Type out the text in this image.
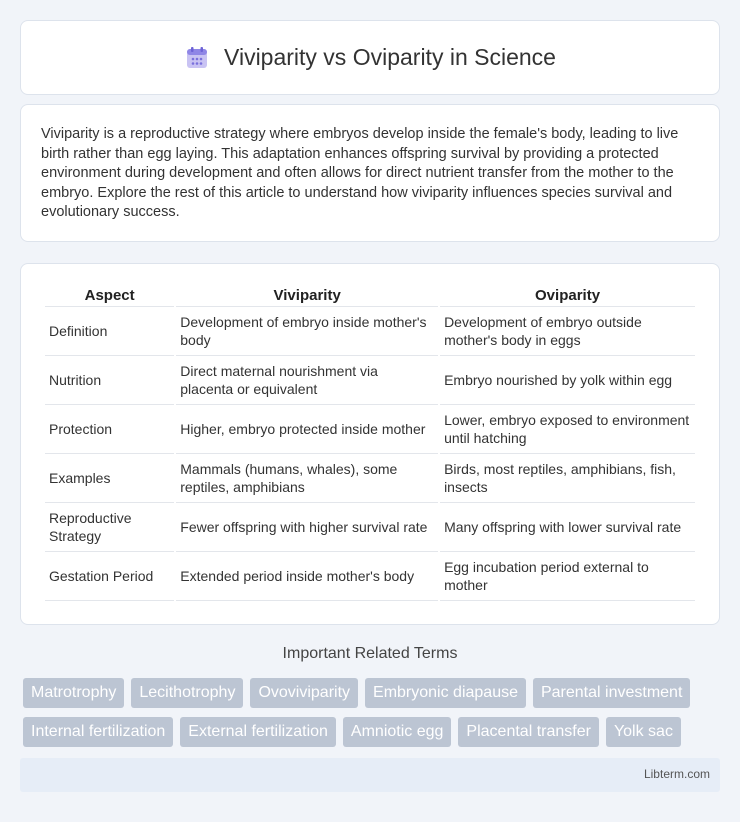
Viviparity vs Oviparity in Science

Viviparity is a reproductive strategy where embryos develop inside the female's body, leading to live birth rather than egg laying. This adaptation enhances offspring survival by providing a protected environment during development and often allows for direct nutrient transfer from the mother to the embryo. Explore the rest of this article to understand how viviparity influences species survival and evolutionary success.

Aspect	Viviparity	Oviparity
Definition	Development of embryo inside mother's body	Development of embryo outside mother's body in eggs
Nutrition	Direct maternal nourishment via placenta or equivalent	Embryo nourished by yolk within egg
Protection	Higher, embryo protected inside mother	Lower, embryo exposed to environment until hatching
Examples	Mammals (humans, whales), some reptiles, amphibians	Birds, most reptiles, amphibians, fish, insects
Reproductive Strategy	Fewer offspring with higher survival rate	Many offspring with lower survival rate
Gestation Period	Extended period inside mother's body	Egg incubation period external to mother
Important Related Terms
Matrotrophy	Lecithotrophy	Ovoviviparity	Embryonic diapause	Parental investment
Internal fertilization	External fertilization	Amniotic egg	Placental transfer	Yolk sac
Libterm.com
